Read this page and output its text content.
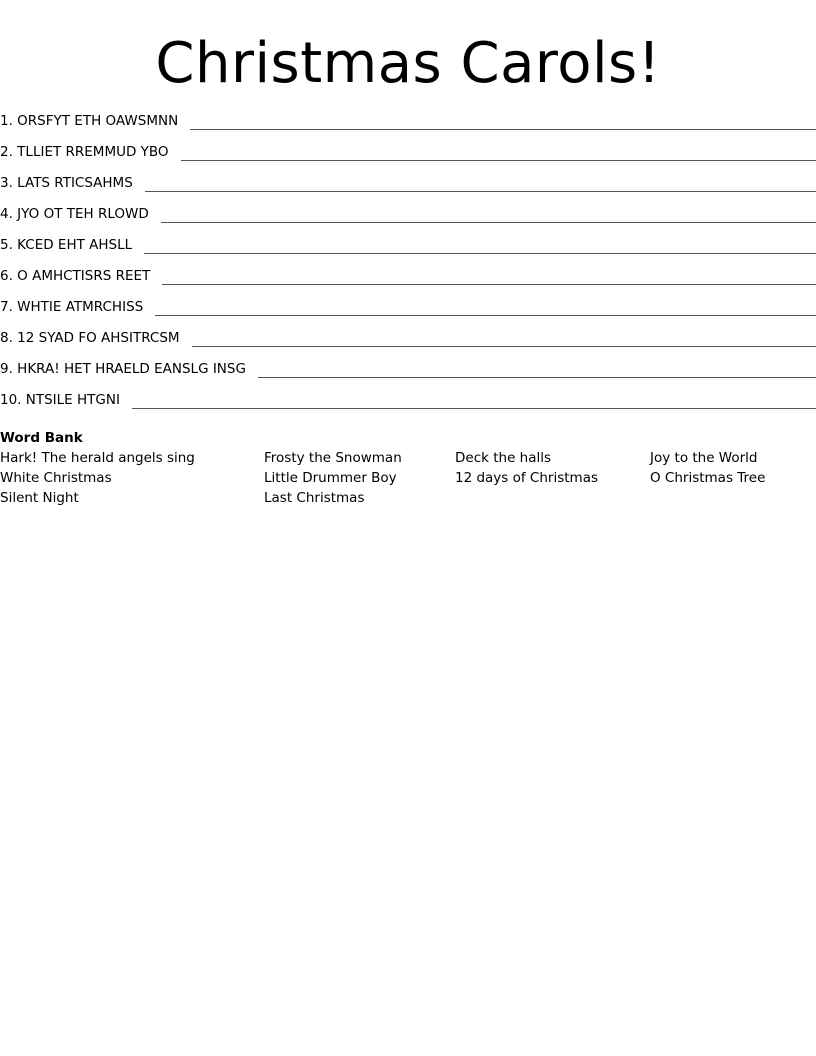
Christmas Carols!
1. ORSFYT ETH OAWSMNN
2. TLLIET RREMMUD YBO
3. LATS RTICSAHMS
4. JYO OT TEH RLOWD
5. KCED EHT AHSLL
6. O AMHCTISRS REET
7. WHTIE ATMRCHISS
8. 12 SYAD FO AHSITRCSM
9. HKRA! HET HRAELD EANSLG INSG
10. NTSILE HTGNI
Word Bank
Hark! The herald angels sing	Frosty the Snowman	Deck the halls	Joy to the World
White Christmas	Little Drummer Boy	12 days of Christmas	O Christmas Tree
Silent Night	Last Christmas
